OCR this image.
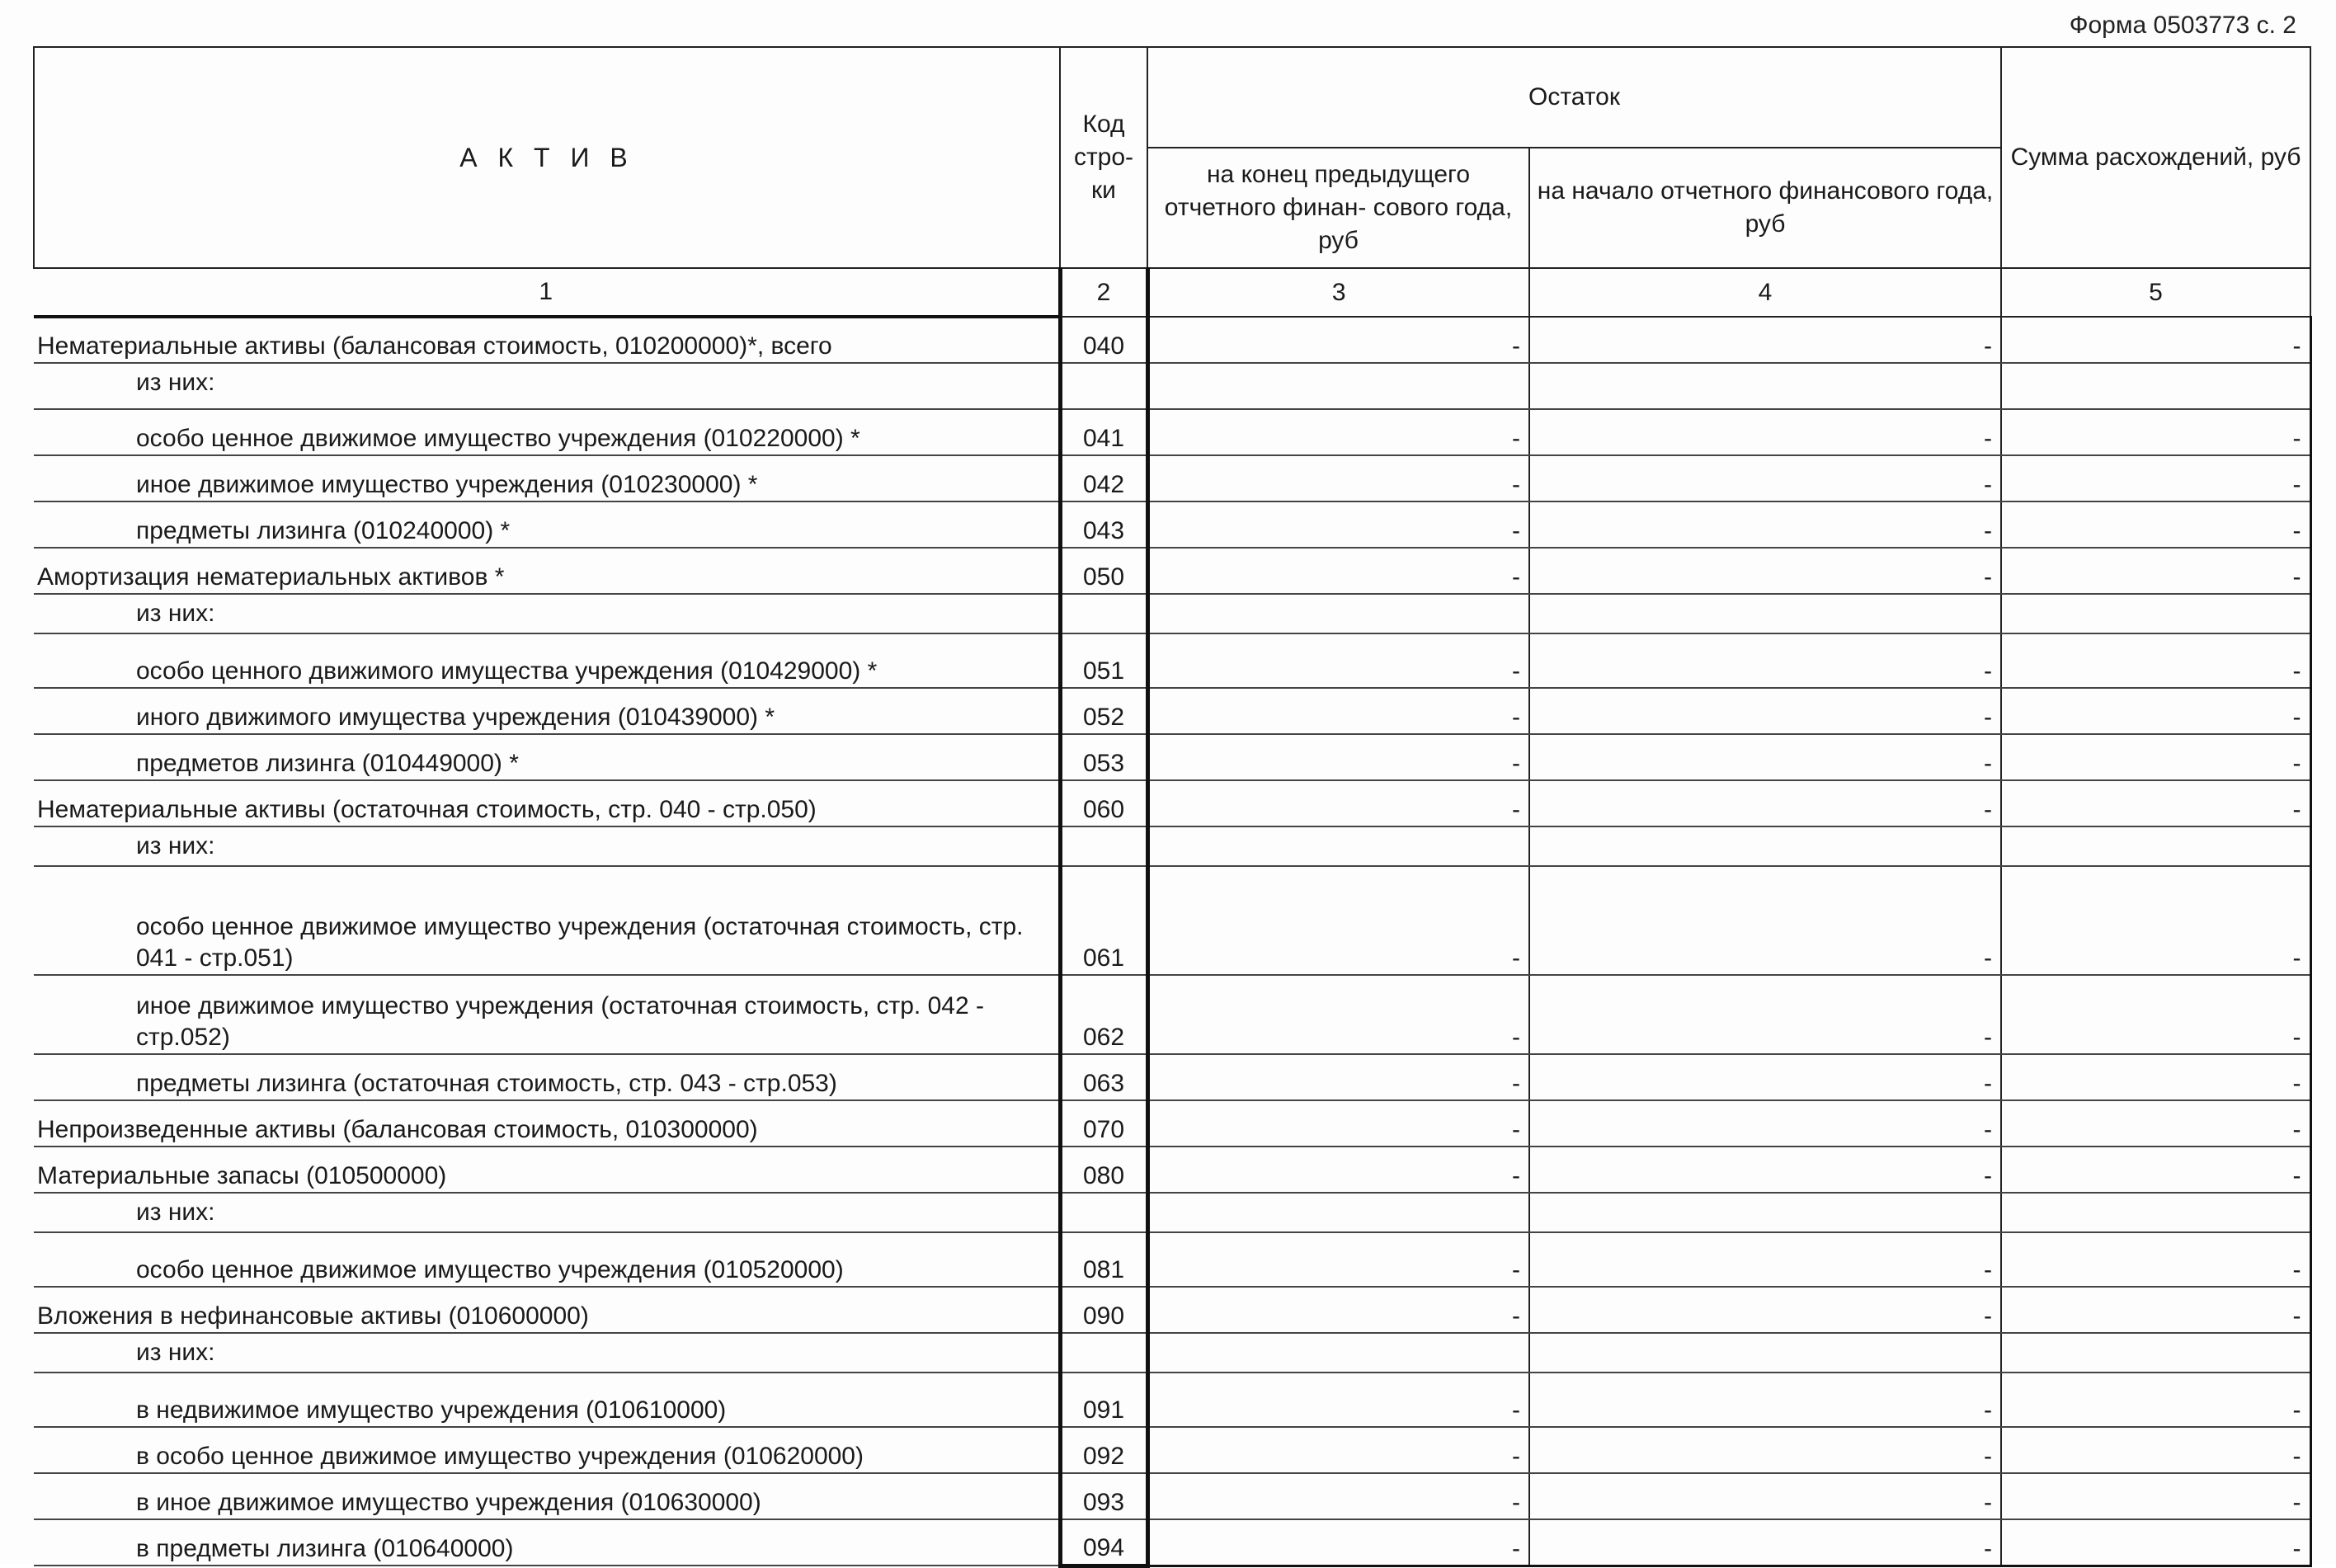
Форма 0503773 с. 2
А К Т И В	Код стро- ки	Остаток		Сумма расхождений, руб
		на конец предыдущего отчетного финан- сового года, руб	на начало отчетного финансового года, руб	
1	2	3	4	5
Нематериальные активы (балансовая стоимость, 010200000)*, всего	040	-	-	-
из них:				
особо ценное движимое имущество учреждения (010220000) *	041	-	-	-
иное движимое имущество учреждения (010230000) *	042	-	-	-
предметы лизинга (010240000) *	043	-	-	-
Амортизация нематериальных активов *	050	-	-	-
из них:				
особо ценного движимого имущества учреждения (010429000) *	051	-	-	-
иного движимого имущества учреждения (010439000) *	052	-	-	-
предметов лизинга (010449000) *	053	-	-	-
Нематериальные активы (остаточная стоимость, стр. 040 - стр.050)	060	-	-	-
из них:				
особо ценное движимое имущество учреждения (остаточная стоимость, стр. 041 - стр.051)	061	-	-	-
иное движимое имущество учреждения (остаточная стоимость, стр. 042 - стр.052)	062	-	-	-
предметы лизинга (остаточная стоимость, стр. 043 - стр.053)	063	-	-	-
Непроизведенные активы (балансовая стоимость, 010300000)	070	-	-	-
Материальные запасы (010500000)	080	-	-	-
из них:				
особо ценное движимое имущество учреждения (010520000)	081	-	-	-
Вложения в нефинансовые активы (010600000)	090	-	-	-
из них:				
в недвижимое имущество учреждения (010610000)	091	-	-	-
в особо ценное движимое имущество учреждения (010620000)	092	-	-	-
в иное движимое имущество учреждения (010630000)	093	-	-	-
в предметы лизинга (010640000)	094	-	-	-
